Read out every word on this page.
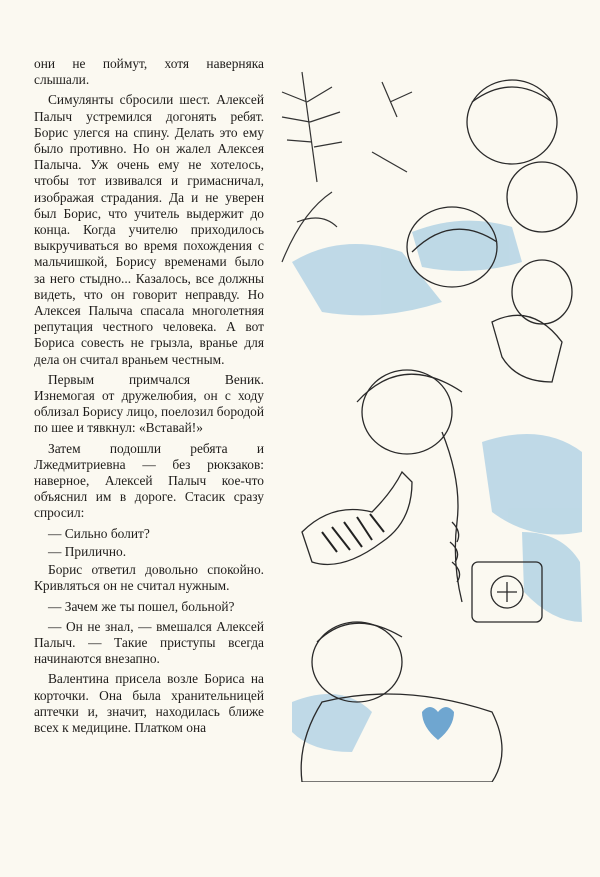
они не поймут, хотя наверняка слышали.

Симулянты сбросили шест. Алексей Палыч устремился догонять ребят. Борис улегся на спину. Делать это ему было противно. Но он жалел Алексея Палыча. Уж очень ему не хотелось, чтобы тот извивался и гримасничал, изображая страдания. Да и не уверен был Борис, что учитель выдержит до конца. Когда учителю приходилось выкручиваться во время похождения с мальчишкой, Борису временами было за него стыдно... Казалось, все должны видеть, что он говорит неправду. Но Алексея Палыча спасала многолетняя репутация честного человека. А вот Бориса совесть не грызла, вранье для дела он считал враньем честным.

Первым примчался Веник. Изнемогая от дружелюбия, он с ходу облизал Борису лицо, поелозил бородой по шее и тявкнул: «Вставай!»

Затем подошли ребята и Лжедмитриевна — без рюкзаков: наверное, Алексей Палыч кое-что объяснил им в дороге. Стасик сразу спросил:

— Сильно болит?

— Прилично.

Борис ответил довольно спокойно. Кривляться он не считал нужным.

— Зачем же ты пошел, больной?

— Он не знал, — вмешался Алексей Палыч. — Такие приступы всегда начинаются внезапно.

Валентина присела возле Бориса на корточки. Она была хранительницей аптечки и, значит, находилась ближе всех к медицине. Платком она
